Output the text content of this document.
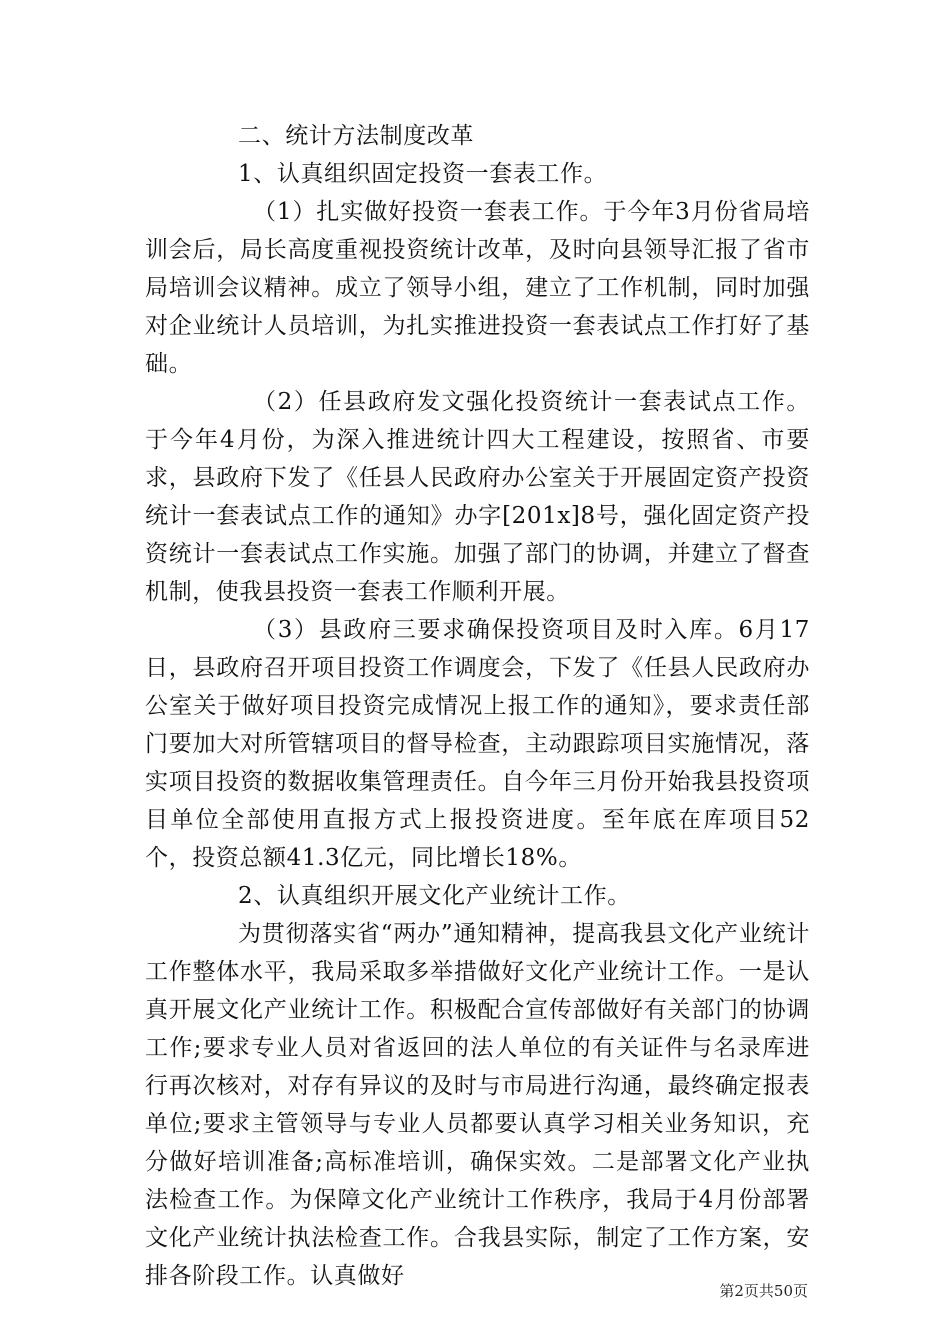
二、统计方法制度改革

1、认真组织固定投资一套表工作。

（1）扎实做好投资一套表工作。于今年3月份省局培训会后，局长高度重视投资统计改革，及时向县领导汇报了省市局培训会议精神。成立了领导小组，建立了工作机制，同时加强对企业统计人员培训，为扎实推进投资一套表试点工作打好了基础。

（2）任县政府发文强化投资统计一套表试点工作。于今年4月份，为深入推进统计四大工程建设，按照省、市要求，县政府下发了《任县人民政府办公室关于开展固定资产投资统计一套表试点工作的通知》办字[201x]8号，强化固定资产投资统计一套表试点工作实施。加强了部门的协调，并建立了督查机制，使我县投资一套表工作顺利开展。

（3）县政府三要求确保投资项目及时入库。6月17日，县政府召开项目投资工作调度会，下发了《任县人民政府办公室关于做好项目投资完成情况上报工作的通知》，要求责任部门要加大对所管辖项目的督导检查，主动跟踪项目实施情况，落实项目投资的数据收集管理责任。自今年三月份开始我县投资项目单位全部使用直报方式上报投资进度。至年底在库项目52个，投资总额41.3亿元，同比增长18%。

2、认真组织开展文化产业统计工作。

为贯彻落实省“两办”通知精神，提高我县文化产业统计工作整体水平，我局采取多举措做好文化产业统计工作。一是认真开展文化产业统计工作。积极配合宣传部做好有关部门的协调工作;要求专业人员对省返回的法人单位的有关证件与名录库进行再次核对，对存有异议的及时与市局进行沟通，最终确定报表单位;要求主管领导与专业人员都要认真学习相关业务知识，充分做好培训准备;高标准培训，确保实效。二是部署文化产业执法检查工作。为保障文化产业统计工作秩序，我局于4月份部署文化产业统计执法检查工作。合我县实际，制定了工作方案，安排各阶段工作。认真做好

第2页共50页
